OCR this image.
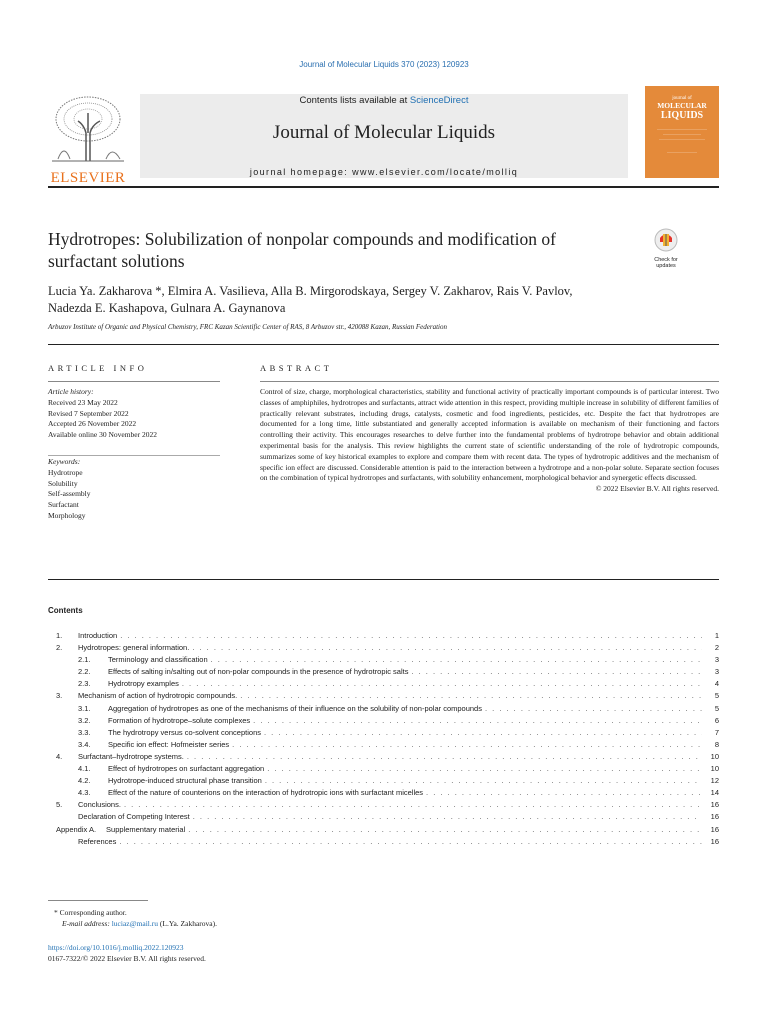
Journal of Molecular Liquids 370 (2023) 120923
Contents lists available at ScienceDirect
Journal of Molecular Liquids
journal homepage: www.elsevier.com/locate/molliq
ELSEVIER
journal of
MOLECULAR
LIQUIDS
Hydrotropes: Solubilization of nonpolar compounds and modification of surfactant solutions	Check for updates
Lucia Ya. Zakharova *, Elmira A. Vasilieva, Alla B. Mirgorodskaya, Sergey V. Zakharov, Rais V. Pavlov,
Nadezda E. Kashapova, Gulnara A. Gaynanova
Arbuzov Institute of Organic and Physical Chemistry, FRC Kazan Scientific Center of RAS, 8 Arbuzov str., 420088 Kazan, Russian Federation
ARTICLE INFO	ABSTRACT
Article history:
Received 23 May 2022
Revised 7 September 2022
Accepted 26 November 2022
Available online 30 November 2022
Keywords:
Hydrotrope
Solubility
Self-assembly
Surfactant
Morphology
Control of size, charge, morphological characteristics, stability and functional activity of practically important compounds is of particular interest. Two classes of amphiphiles, hydrotropes and surfactants, attract wide attention in this respect, providing multiple increase in solubility of different families of practically relevant substrates, including drugs, catalysts, cosmetic and food ingredients, pesticides, etc. Despite the fact that hydrotropes are documented for a long time, little substantiated and generally accepted information is available on mechanism of their functioning and factors controlling their activity. This encourages researches to delve further into the fundamental problems of hydrotrope behavior and obtain additional experimental basis for the analysis. This review highlights the current state of scientific understanding of the role of hydrotropic compounds, summarizes some of key historical examples to explore and compare them with recent data. The types of hydrotropic additives and the mechanism of specific ion effect are discussed. Considerable attention is paid to the interaction between a hydrotrope and a non-polar solute. Separate section focuses on the combination of typical hydrotropes and surfactants, with solubility enhancement, morphological behavior and synergetic effects discussed.
© 2022 Elsevier B.V. All rights reserved.
Contents
1.	Introduction . . .	1
2.	Hydrotropes: general information. . . .	2
2.1.	Terminology and classification . . .	3
2.2.	Effects of salting in/salting out of non-polar compounds in the presence of hydrotropic salts . . .	3
2.3.	Hydrotropy examples . . .	4
3.	Mechanism of action of hydrotropic compounds. . . .	5
3.1.	Aggregation of hydrotropes as one of the mechanisms of their influence on the solubility of non-polar compounds . . .	5
3.2.	Formation of hydrotrope–solute complexes . . .	6
3.3.	The hydrotropy versus co-solvent conceptions . . .	7
3.4.	Specific ion effect: Hofmeister series . . .	8
4.	Surfactant–hydrotrope systems. . . .	10
4.1.	Effect of hydrotropes on surfactant aggregation . . .	10
4.2.	Hydrotrope-induced structural phase transition . . .	12
4.3.	Effect of the nature of counterions on the interaction of hydrotropic ions with surfactant micelles . . .	14
5.	Conclusions. . . .	16
Declaration of Competing Interest . . .	16
Appendix A.	Supplementary material . . .	16
References . . .	16
* Corresponding author.
E-mail address: luciaz@mail.ru (L.Ya. Zakharova).
https://doi.org/10.1016/j.molliq.2022.120923
0167-7322/© 2022 Elsevier B.V. All rights reserved.
